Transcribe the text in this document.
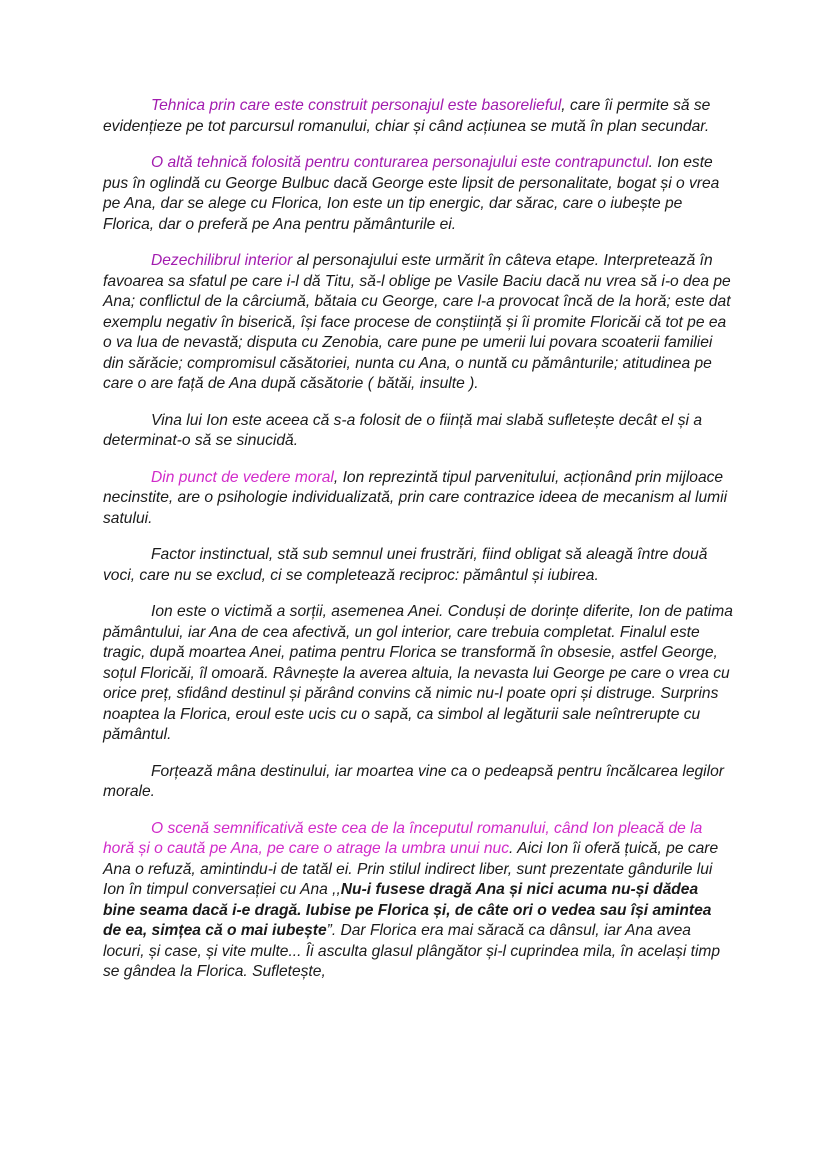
Tehnica prin care este construit personajul este basorelieful, care îi permite să se evidențieze pe tot parcursul romanului, chiar și când acțiunea se mută în plan secundar.

O altă tehnică folosită pentru conturarea personajului este contrapunctul. Ion este pus în oglindă cu George Bulbuc dacă George este lipsit de personalitate, bogat și o vrea pe Ana, dar se alege cu Florica, Ion este un tip energic, dar sărac, care o iubește pe Florica, dar o preferă pe Ana pentru pământurile ei.

Dezechilibrul interior al personajului este urmărit în câteva etape. Interpretează în favoarea sa sfatul pe care i-l dă Titu, să-l oblige pe Vasile Baciu dacă nu vrea să i-o dea pe Ana; conflictul de la cârciumă, bătaia cu George, care l-a provocat încă de la horă; este dat exemplu negativ în biserică, își face procese de conștiință și îi promite Floricăi că tot pe ea o va lua de nevastă; disputa cu Zenobia, care pune pe umerii lui povara scoaterii familiei din sărăcie; compromisul căsătoriei, nunta cu Ana, o nuntă cu pământurile; atitudinea pe care o are față de Ana după căsătorie ( bătăi, insulte ).

Vina lui Ion este aceea că s-a folosit de o ființă mai slabă sufletește decât el și a determinat-o să se sinucidă.

Din punct de vedere moral, Ion reprezintă tipul parvenitului, acționând prin mijloace necinstite, are o psihologie individualizată, prin care contrazice ideea de mecanism al lumii satului.

Factor instinctual, stă sub semnul unei frustrări, fiind obligat să aleagă între două voci, care nu se exclud, ci se completează reciproc: pământul și iubirea.

Ion este o victimă a sorții, asemenea Anei. Conduși de dorințe diferite, Ion de patima pământului, iar Ana de cea afectivă, un gol interior, care trebuia completat. Finalul este tragic, după moartea Anei, patima pentru Florica se transformă în obsesie, astfel George, soțul Floricăi, îl omoară. Râvnește la averea altuia, la nevasta lui George pe care o vrea cu orice preț, sfidând destinul și părând convins că nimic nu-l poate opri și distruge. Surprins noaptea la Florica, eroul este ucis cu o sapă, ca simbol al legăturii sale neîntrerupte cu pământul.

Forțează mâna destinului, iar moartea vine ca o pedeapsă pentru încălcarea legilor morale.

O scenă semnificativă este cea de la începutul romanului, când Ion pleacă de la horă și o caută pe Ana, pe care o atrage la umbra unui nuc. Aici Ion îi oferă țuică, pe care Ana o refuză, amintindu-i de tatăl ei. Prin stilul indirect liber, sunt prezentate gândurile lui Ion în timpul conversației cu Ana ,,Nu-i fusese dragă Ana și nici acuma nu-și dădea bine seama dacă i-e dragă. Iubise pe Florica și, de câte ori o vedea sau își amintea de ea, simțea că o mai iubește”. Dar Florica era mai săracă ca dânsul, iar Ana avea locuri, și case, și vite multe... Îi asculta glasul plângător și-l cuprindea mila, în același timp se gândea la Florica. Sufletește,
